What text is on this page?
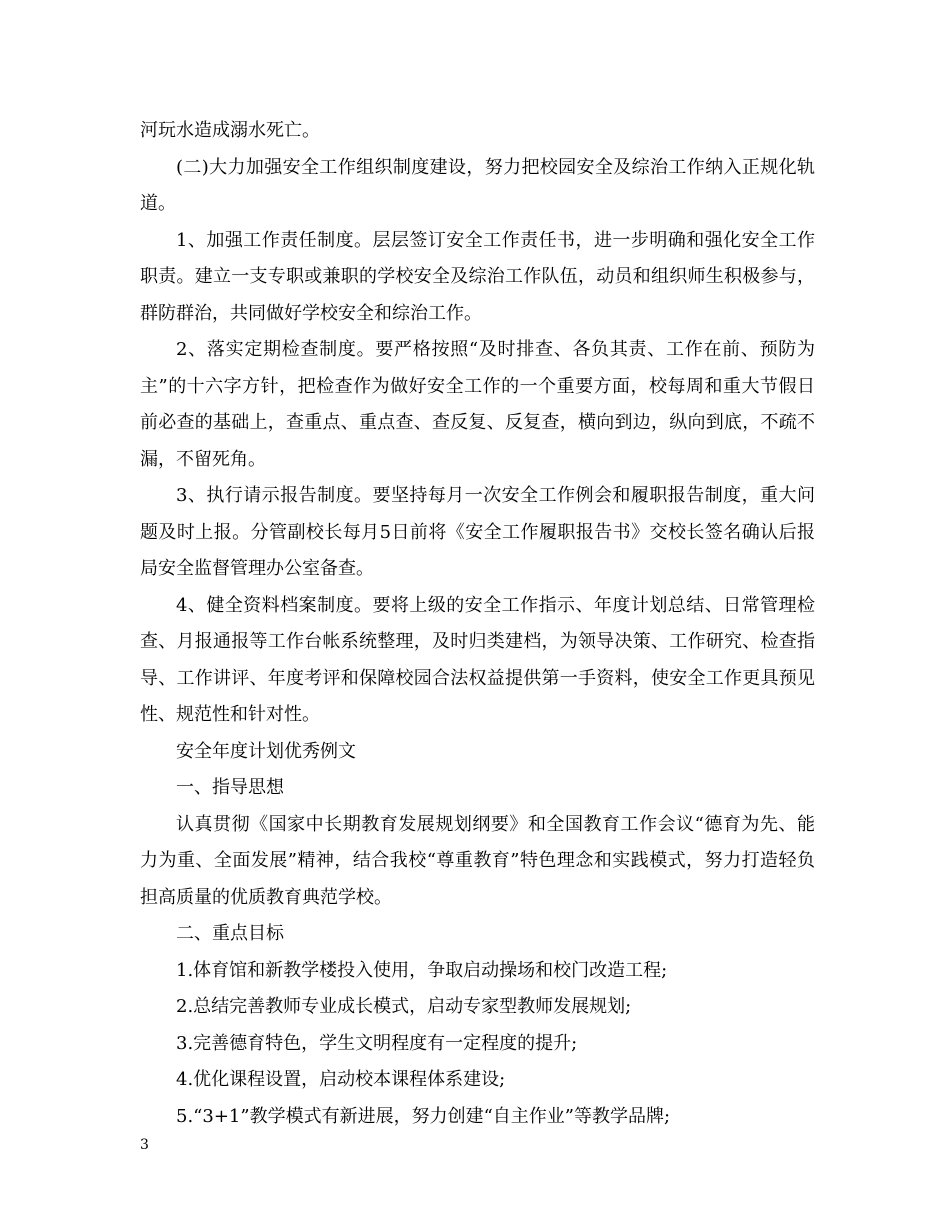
河玩水造成溺水死亡。

(二)大力加强安全工作组织制度建设，努力把校园安全及综治工作纳入正规化轨道。

1、加强工作责任制度。层层签订安全工作责任书，进一步明确和强化安全工作职责。建立一支专职或兼职的学校安全及综治工作队伍，动员和组织师生积极参与，群防群治，共同做好学校安全和综治工作。

2、落实定期检查制度。要严格按照“及时排查、各负其责、工作在前、预防为主”的十六字方针，把检查作为做好安全工作的一个重要方面，校每周和重大节假日前必查的基础上，查重点、重点查、查反复、反复查，横向到边，纵向到底，不疏不漏，不留死角。

3、执行请示报告制度。要坚持每月一次安全工作例会和履职报告制度，重大问题及时上报。分管副校长每月5日前将《安全工作履职报告书》交校长签名确认后报局安全监督管理办公室备查。

4、健全资料档案制度。要将上级的安全工作指示、年度计划总结、日常管理检查、月报通报等工作台帐系统整理，及时归类建档，为领导决策、工作研究、检查指导、工作讲评、年度考评和保障校园合法权益提供第一手资料，使安全工作更具预见性、规范性和针对性。

安全年度计划优秀例文

一、指导思想

认真贯彻《国家中长期教育发展规划纲要》和全国教育工作会议“德育为先、能力为重、全面发展”精神，结合我校“尊重教育”特色理念和实践模式，努力打造轻负担高质量的优质教育典范学校。

二、重点目标

1.体育馆和新教学楼投入使用，争取启动操场和校门改造工程;

2.总结完善教师专业成长模式，启动专家型教师发展规划;

3.完善德育特色，学生文明程度有一定程度的提升;

4.优化课程设置，启动校本课程体系建设;

5.“3+1”教学模式有新进展，努力创建“自主作业”等教学品牌;

3
